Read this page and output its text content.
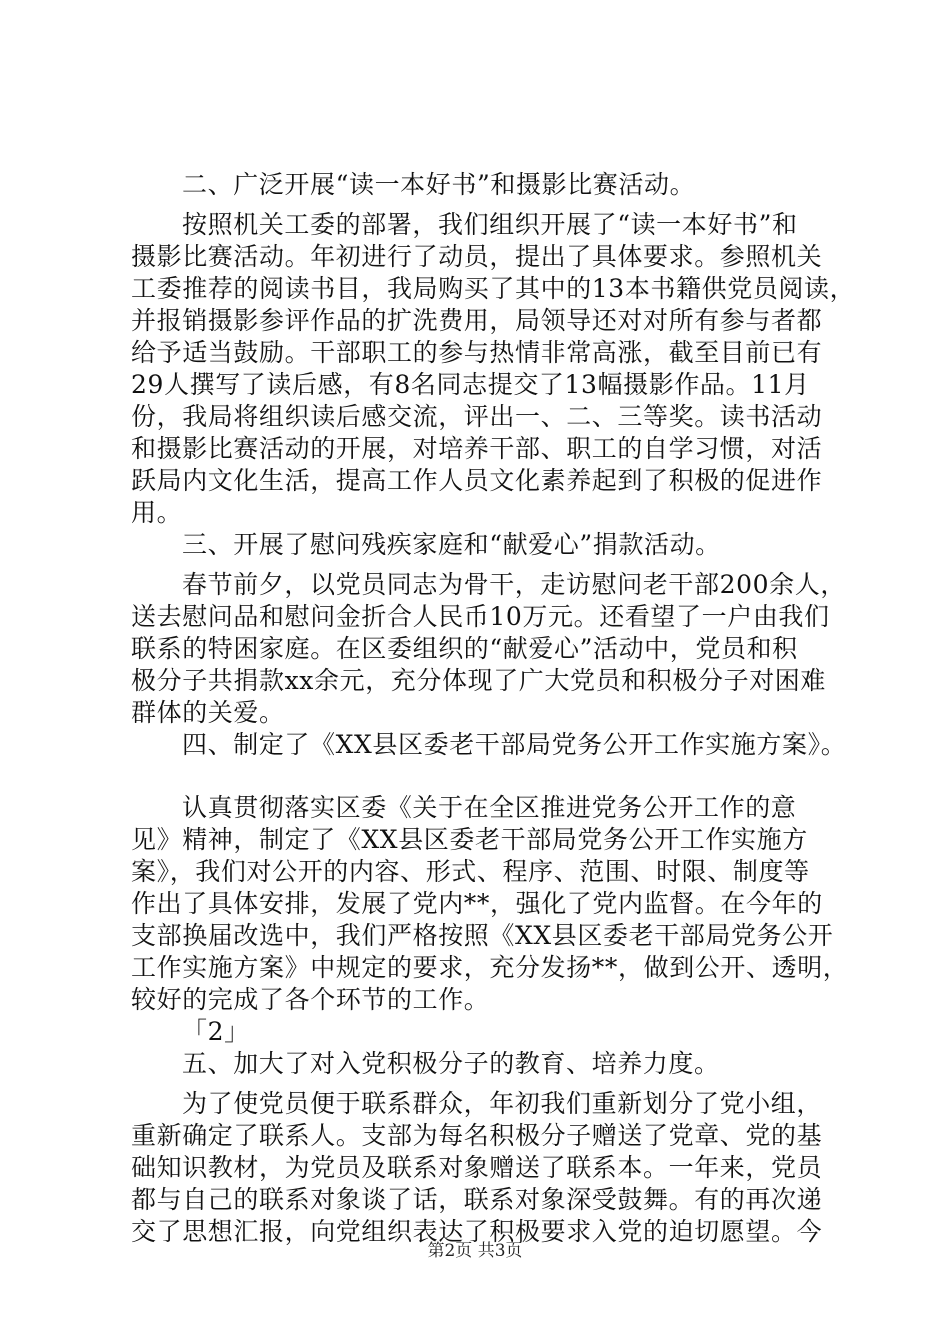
二、广泛开展“读一本好书”和摄影比赛活动。
按照机关工委的部署，我们组织开展了“读一本好书”和
摄影比赛活动。年初进行了动员，提出了具体要求。参照机关
工委推荐的阅读书目，我局购买了其中的13本书籍供党员阅读，
并报销摄影参评作品的扩洗费用，局领导还对对所有参与者都
给予适当鼓励。干部职工的参与热情非常高涨，截至目前已有
29人撰写了读后感，有8名同志提交了13幅摄影作品。11月
份，我局将组织读后感交流，评出一、二、三等奖。读书活动
和摄影比赛活动的开展，对培养干部、职工的自学习惯，对活
跃局内文化生活，提高工作人员文化素养起到了积极的促进作
用。
三、开展了慰问残疾家庭和“献爱心”捐款活动。
春节前夕，以党员同志为骨干，走访慰问老干部200余人，
送去慰问品和慰问金折合人民币10万元。还看望了一户由我们
联系的特困家庭。在区委组织的“献爱心”活动中，党员和积
极分子共捐款xx余元，充分体现了广大党员和积极分子对困难
群体的关爱。
四、制定了《XX县区委老干部局党务公开工作实施方案》。
认真贯彻落实区委《关于在全区推进党务公开工作的意
见》精神，制定了《XX县区委老干部局党务公开工作实施方
案》，我们对公开的内容、形式、程序、范围、时限、制度等
作出了具体安排，发展了党内**，强化了党内监督。在今年的
支部换届改选中，我们严格按照《XX县区委老干部局党务公开
工作实施方案》中规定的要求，充分发扬**，做到公开、透明，
较好的完成了各个环节的工作。
「2」
五、加大了对入党积极分子的教育、培养力度。
为了使党员便于联系群众，年初我们重新划分了党小组，
重新确定了联系人。支部为每名积极分子赠送了党章、党的基
础知识教材，为党员及联系对象赠送了联系本。一年来，党员
都与自己的联系对象谈了话，联系对象深受鼓舞。有的再次递
交了思想汇报，向党组织表达了积极要求入党的迫切愿望。今
第2页 共3页
